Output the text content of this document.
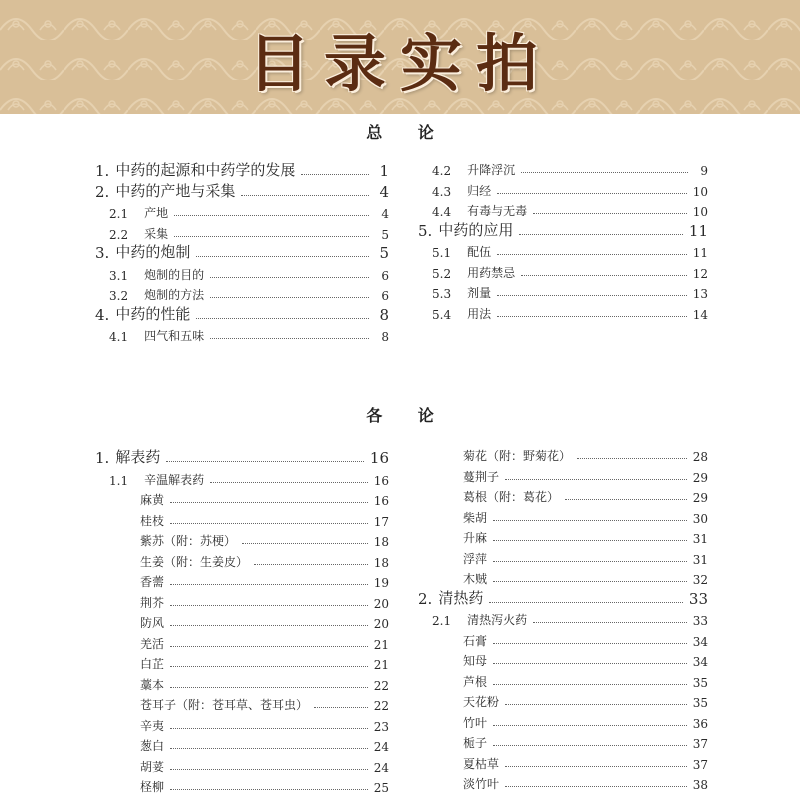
目录实拍
总 论
1. 中药的起源和中药学的发展	1
2. 中药的产地与采集	4
2.1 产地	4
2.2 采集	5
3. 中药的炮制	5
3.1 炮制的目的	6
3.2 炮制的方法	6
4. 中药的性能	8
4.1 四气和五味	8
4.2 升降浮沉	9
4.3 归经	10
4.4 有毒与无毒	10
5. 中药的应用	11
5.1 配伍	11
5.2 用药禁忌	12
5.3 剂量	13
5.4 用法	14
各 论
1. 解表药	16
1.1 辛温解表药	16
麻黄	16
桂枝	17
紫苏（附：苏梗）	18
生姜（附：生姜皮）	18
香薷	19
荆芥	20
防风	20
羌活	21
白芷	21
藁本	22
苍耳子（附：苍耳草、苍耳虫）	22
辛夷	23
葱白	24
胡荽	24
柽柳	25
菊花（附：野菊花）	28
蔓荆子	29
葛根（附：葛花）	29
柴胡	30
升麻	31
浮萍	31
木贼	32
2. 清热药	33
2.1 清热泻火药	33
石膏	34
知母	34
芦根	35
天花粉	35
竹叶	36
栀子	37
夏枯草	37
淡竹叶	38
